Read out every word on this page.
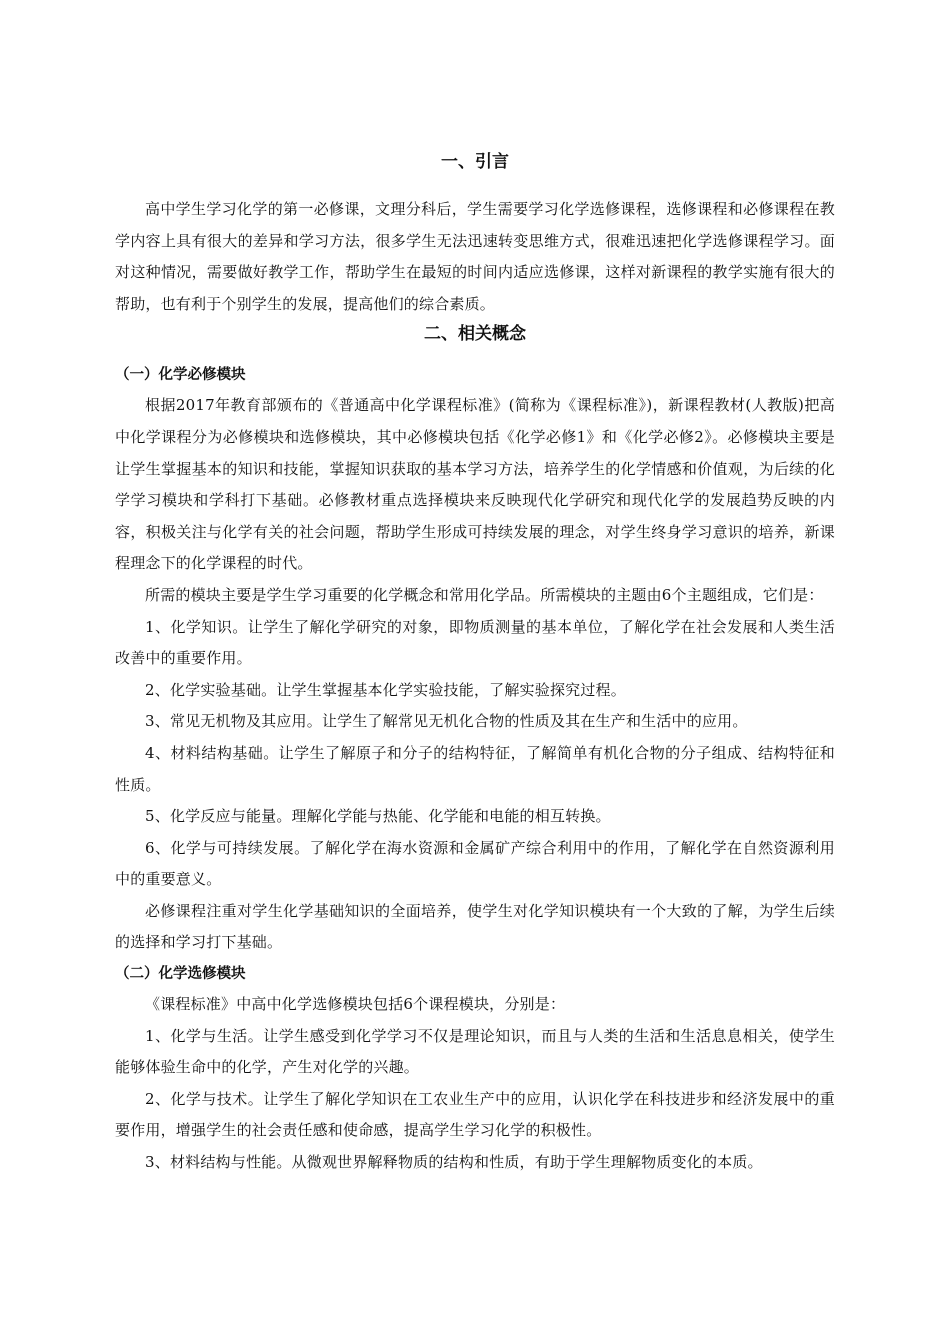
一、引言

高中学生学习化学的第一必修课，文理分科后，学生需要学习化学选修课程，选修课程和必修课程在教学内容上具有很大的差异和学习方法，很多学生无法迅速转变思维方式，很难迅速把化学选修课程学习。面对这种情况，需要做好教学工作，帮助学生在最短的时间内适应选修课，这样对新课程的教学实施有很大的帮助，也有利于个别学生的发展，提高他们的综合素质。

二、相关概念
（一）化学必修模块

根据2017年教育部颁布的《普通高中化学课程标准》(简称为《课程标准》)，新课程教材(人教版)把高中化学课程分为必修模块和选修模块，其中必修模块包括《化学必修1》和《化学必修2》。必修模块主要是让学生掌握基本的知识和技能，掌握知识获取的基本学习方法，培养学生的化学情感和价值观，为后续的化学学习模块和学科打下基础。必修教材重点选择模块来反映现代化学研究和现代化学的发展趋势反映的内容，积极关注与化学有关的社会问题，帮助学生形成可持续发展的理念，对学生终身学习意识的培养，新课程理念下的化学课程的时代。

所需的模块主要是学生学习重要的化学概念和常用化学品。所需模块的主题由6个主题组成，它们是：

1、化学知识。让学生了解化学研究的对象，即物质测量的基本单位，了解化学在社会发展和人类生活改善中的重要作用。

2、化学实验基础。让学生掌握基本化学实验技能，了解实验探究过程。

3、常见无机物及其应用。让学生了解常见无机化合物的性质及其在生产和生活中的应用。

4、材料结构基础。让学生了解原子和分子的结构特征，了解简单有机化合物的分子组成、结构特征和性质。

5、化学反应与能量。理解化学能与热能、化学能和电能的相互转换。

6、化学与可持续发展。了解化学在海水资源和金属矿产综合利用中的作用，了解化学在自然资源利用中的重要意义。

必修课程注重对学生化学基础知识的全面培养，使学生对化学知识模块有一个大致的了解，为学生后续的选择和学习打下基础。

（二）化学选修模块

《课程标准》中高中化学选修模块包括6个课程模块，分别是：

1、化学与生活。让学生感受到化学学习不仅是理论知识，而且与人类的生活和生活息息相关，使学生能够体验生命中的化学，产生对化学的兴趣。

2、化学与技术。让学生了解化学知识在工农业生产中的应用，认识化学在科技进步和经济发展中的重要作用，增强学生的社会责任感和使命感，提高学生学习化学的积极性。

3、材料结构与性能。从微观世界解释物质的结构和性质，有助于学生理解物质变化的本质。
